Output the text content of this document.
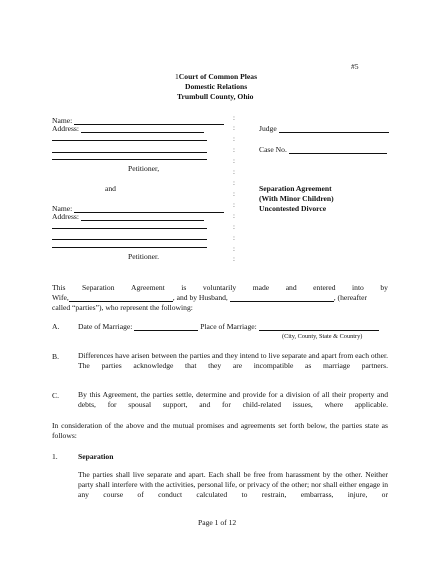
#5
1Court of Common Pleas
Domestic Relations
Trumbull County, Ohio
Name:
Address:
Petitioner,
and
Name:
Address:
Petitioner.
:
:
:
:
:
:
:
:
:
:
:
:
:
:
Judge
Case No.
Separation Agreement
(With Minor Children)
Uncontested Divorce
This Separation Agreement is voluntarily made and entered into by
Wife,	, and by Husband,	, (hereafter
called “parties”), who represent the following:
A. Date of Marriage:	Place of Marriage:
(City, County, State & Country)
B.	Differences have arisen between the parties and they intend to live separate and apart from each other. The parties acknowledge that they are incompatible as marriage partners.
C.	By this Agreement, the parties settle, determine and provide for a division of all their property and debts, for spousal support, and for child-related issues, where applicable.
In consideration of the above and the mutual promises and agreements set forth below, the parties state as follows:
1.	Separation
The parties shall live separate and apart. Each shall be free from harassment by the other. Neither party shall interfere with the activities, personal life, or privacy of the other; nor shall either engage in any course of conduct calculated to restrain, embarrass, injure, or
Page 1 of 12
